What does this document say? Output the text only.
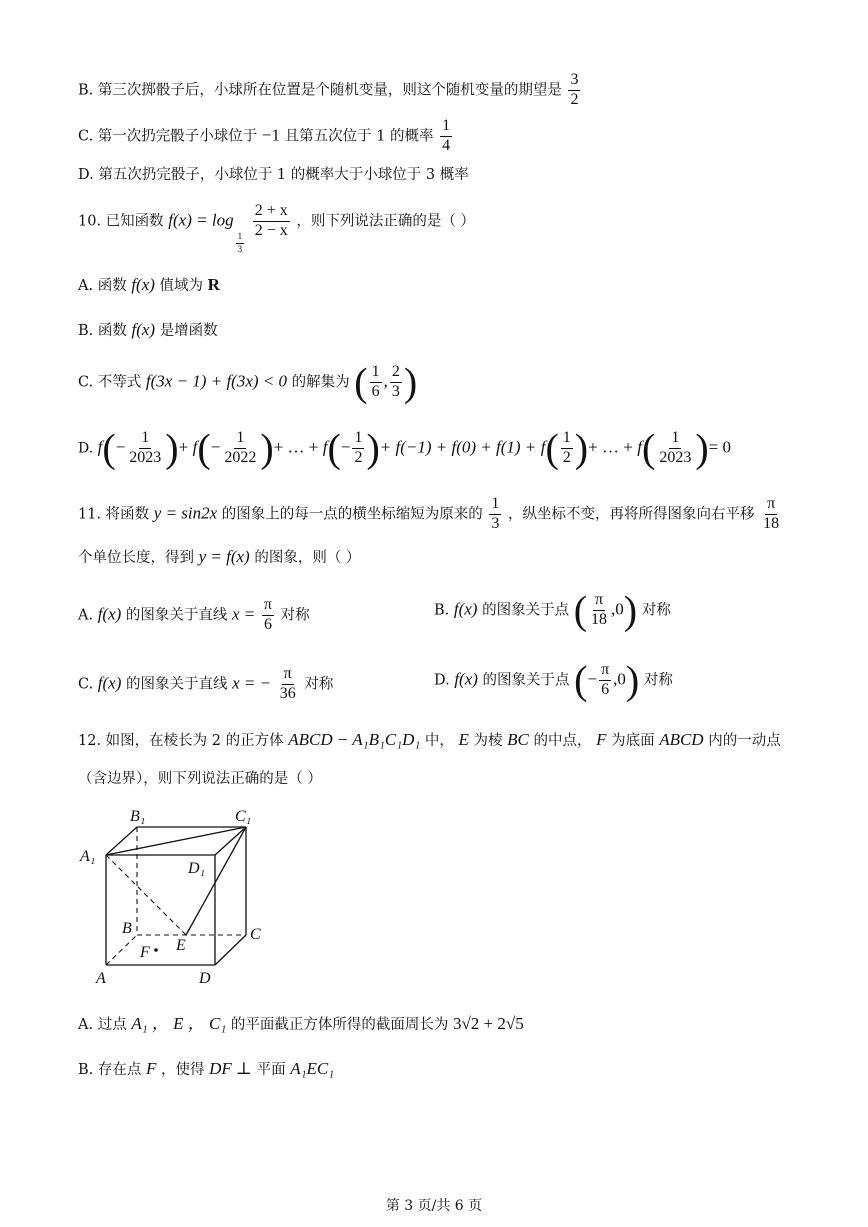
B. 第三次掷骰子后，小球所在位置是个随机变量，则这个随机变量的期望是 $\frac{3}{2}$
C. 第一次扔完骰子小球位于 −1 且第五次位于 1 的概率 $\frac{1}{4}$
D. 第五次扔完骰子，小球位于 1 的概率大于小球位于 3 概率
10. 已知函数 f(x) = log
$\frac{1}{3}$

$\frac{2 + x}{2 - x}$ ，则下列说法正确的是（ ）
A. 函数 f(x) 值域为 R
B. 函数 f(x) 是增函数
C. 不等式 f(3x − 1) + f(3x) < 0 的解集为 ( $\frac{1}{6}$ , $\frac{2}{3}$ )
D. $f(- \frac{1}{2023}$ )+ $f(- \frac{1}{2022}$ )+ … + $f(- \frac{1}{2}$ )+ $f(-1) + f(0) + f(1) + f( \frac{1}{2}$ )+ … + $f( \frac{1}{2023}$ )= 0
11. 将函数 y = sin2x 的图象上的每一点的横坐标缩短为原来的 $\frac{1}{3}$ ，纵坐标不变，再将所得图象向右平移 $\frac{\pi}{18}$
个单位长度，得到 y = f(x) 的图象，则（ ）
A. f(x) 的图象关于直线 $x = \frac{\pi}{6}$ 对称	B. f(x) 的图象关于点 ( $\frac{\pi}{18} ,0$) 对称
C. f(x) 的图象关于直线 x = − $\frac{\pi}{36}$ 对称	D. f(x) 的图象关于点 (− $\frac{\pi}{6} ,0$) 对称
12. 如图，在棱长为 2 的正方体 ABCD − A₁B₁C₁D₁ 中， E 为棱 BC 的中点， F 为底面 ABCD 内的一动点
（含边界），则下列说法正确的是（ ）
B₁	C₁
A₁
D₁
B
E
C
F
A	D
A. 过点 A₁ ， E ， C₁ 的平面截正方体所得的截面周长为 3√2 + 2√5
B. 存在点 F ，使得 DF ⊥ 平面 A₁EC₁
第 3 页/共 6 页
